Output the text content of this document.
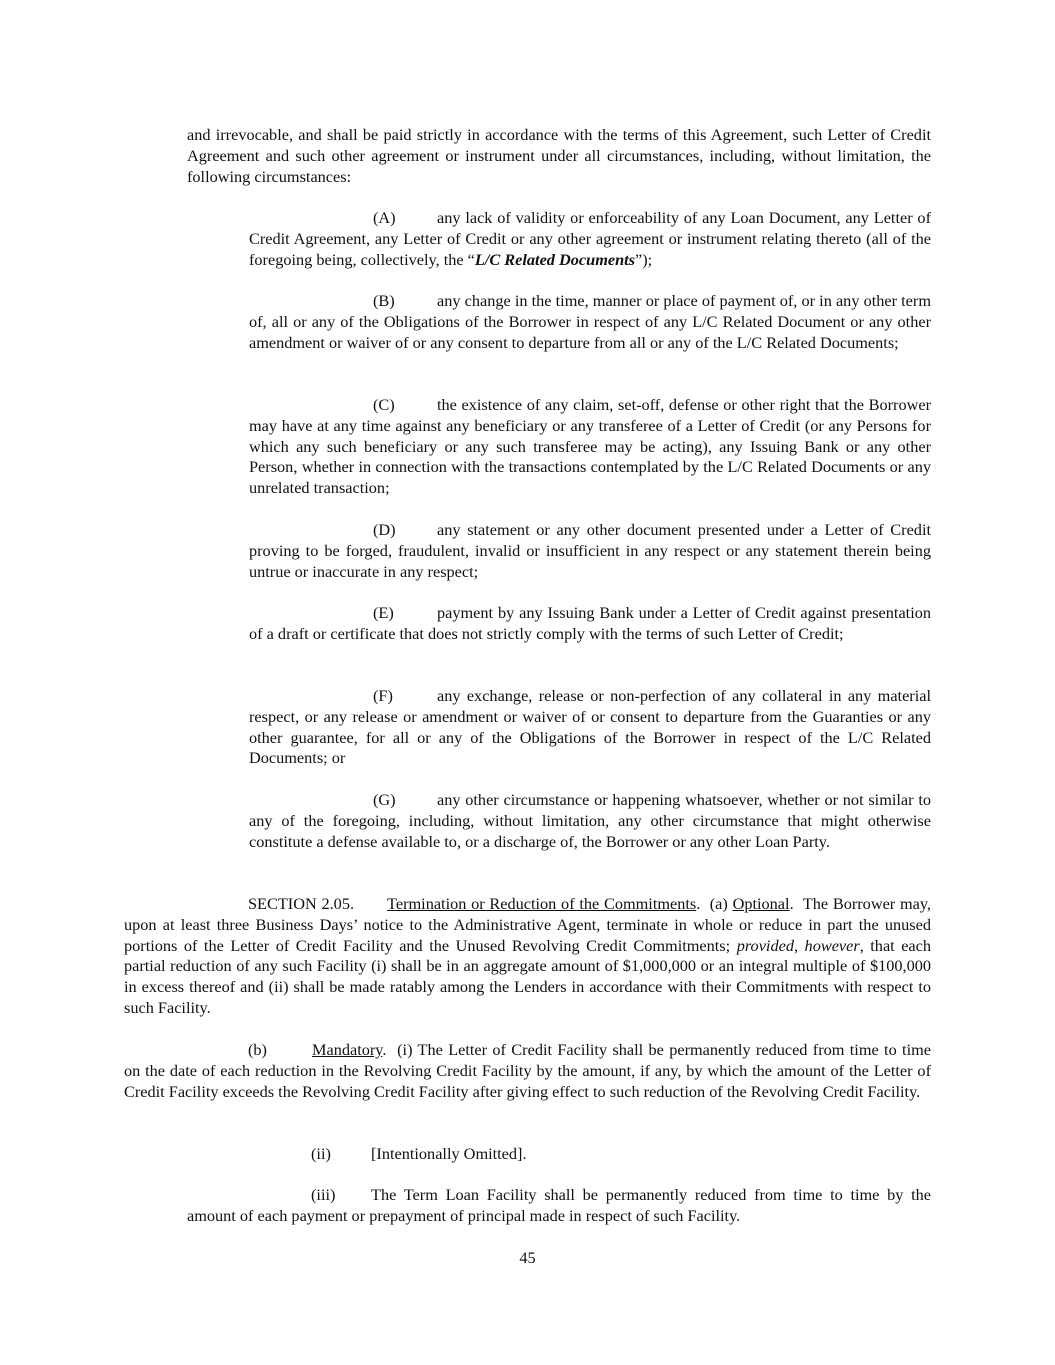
and irrevocable, and shall be paid strictly in accordance with the terms of this Agreement, such Letter of Credit Agreement and such other agreement or instrument under all circumstances, including, without limitation, the following circumstances:

(A)	any lack of validity or enforceability of any Loan Document, any Letter of Credit Agreement, any Letter of Credit or any other agreement or instrument relating thereto (all of the foregoing being, collectively, the “L/C Related Documents”);

(B)	any change in the time, manner or place of payment of, or in any other term of, all or any of the Obligations of the Borrower in respect of any L/C Related Document or any other amendment or waiver of or any consent to departure from all or any of the L/C Related Documents;

(C)	the existence of any claim, set-off, defense or other right that the Borrower may have at any time against any beneficiary or any transferee of a Letter of Credit (or any Persons for which any such beneficiary or any such transferee may be acting), any Issuing Bank or any other Person, whether in connection with the transactions contemplated by the L/C Related Documents or any unrelated transaction;

(D)	any statement or any other document presented under a Letter of Credit proving to be forged, fraudulent, invalid or insufficient in any respect or any statement therein being untrue or inaccurate in any respect;

(E)	payment by any Issuing Bank under a Letter of Credit against presentation of a draft or certificate that does not strictly comply with the terms of such Letter of Credit;

(F)	any exchange, release or non-perfection of any collateral in any material respect, or any release or amendment or waiver of or consent to departure from the Guaranties or any other guarantee, for all or any of the Obligations of the Borrower in respect of the L/C Related Documents; or

(G)	any other circumstance or happening whatsoever, whether or not similar to any of the foregoing, including, without limitation, any other circumstance that might otherwise constitute a defense available to, or a discharge of, the Borrower or any other Loan Party.

SECTION 2.05. Termination or Reduction of the Commitments.  (a) Optional.  The Borrower may, upon at least three Business Days’ notice to the Administrative Agent, terminate in whole or reduce in part the unused portions of the Letter of Credit Facility and the Unused Revolving Credit Commitments; provided, however, that each partial reduction of any such Facility (i) shall be in an aggregate amount of $1,000,000 or an integral multiple of $100,000 in excess thereof and (ii) shall be made ratably among the Lenders in accordance with their Commitments with respect to such Facility.

(b)	Mandatory.  (i) The Letter of Credit Facility shall be permanently reduced from time to time on the date of each reduction in the Revolving Credit Facility by the amount, if any, by which the amount of the Letter of Credit Facility exceeds the Revolving Credit Facility after giving effect to such reduction of the Revolving Credit Facility.

(ii) [Intentionally Omitted].

(iii) The Term Loan Facility shall be permanently reduced from time to time by the amount of each payment or prepayment of principal made in respect of such Facility.

45
